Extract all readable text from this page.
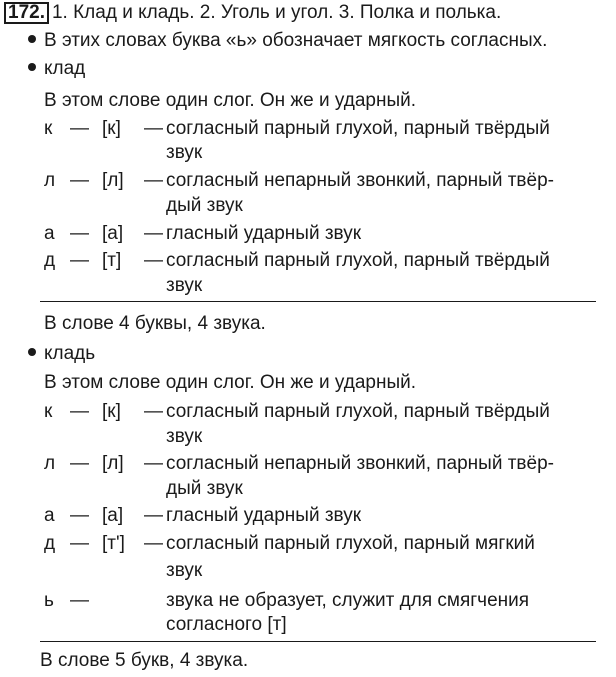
172. 1. Клад и кладь. 2. Уголь и угол. 3. Полка и полька.
В этих словах буква «ь» обозначает мягкость согласных.
клад
В этом слове один слог. Он же и ударный.
к — [к] — согласный парный глухой, парный твёрдый
звук
л — [л] — согласный непарный звонкий, парный твёр-
дый звук
а — [а] — гласный ударный звук
д — [т] — согласный парный глухой, парный твёрдый
звук
В слове 4 буквы, 4 звука.
кладь
В этом слове один слог. Он же и ударный.
к — [к] — согласный парный глухой, парный твёрдый
звук
л — [л] — согласный непарный звонкий, парный твёр-
дый звук
а — [а] — гласный ударный звук
д — [т'] — согласный парный глухой, парный мягкий
звук
ь —	звука не образует, служит для смягчения
согласного [т]
В слове 5 букв, 4 звука.
